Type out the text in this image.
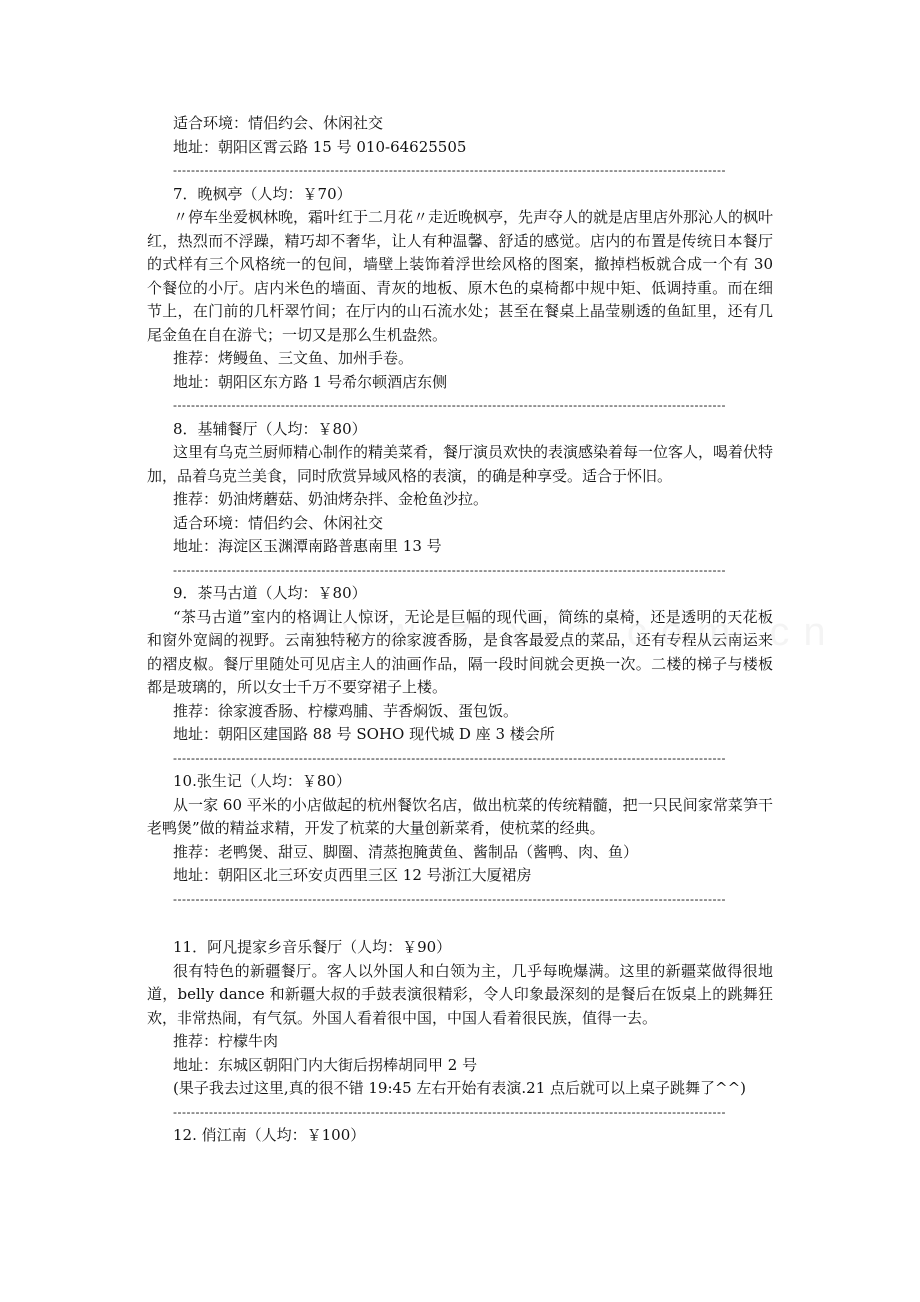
适合环境：情侣约会、休闲社交
地址：朝阳区霄云路 15 号 010-64625505
---------------------------------------------------------------------------------------------------------------------------
7．晚枫亭（人均：￥70）

〃停车坐爱枫林晚，霜叶红于二月花〃走近晚枫亭，先声夺人的就是店里店外那沁人的枫叶红，热烈而不浮躁，精巧却不奢华，让人有种温馨、舒适的感觉。店内的布置是传统日本餐厅的式样有三个风格统一的包间，墙壁上装饰着浮世绘风格的图案，撤掉档板就合成一个有 30 个餐位的小厅。店内米色的墙面、青灰的地板、原木色的桌椅都中规中矩、低调持重。而在细节上，在门前的几杆翠竹间；在厅内的山石流水处；甚至在餐桌上晶莹剔透的鱼缸里，还有几尾金鱼在自在游弋；一切又是那么生机盎然。

推荐：烤鳗鱼、三文鱼、加州手卷。
地址：朝阳区东方路 1 号希尔顿酒店东侧
---------------------------------------------------------------------------------------------------------------------------
8．基辅餐厅（人均：￥80）

这里有乌克兰厨师精心制作的精美菜肴，餐厅演员欢快的表演感染着每一位客人，喝着伏特加，品着乌克兰美食，同时欣赏异域风格的表演，的确是种享受。适合于怀旧。

推荐：奶油烤蘑菇、奶油烤杂拌、金枪鱼沙拉。
适合环境：情侣约会、休闲社交
地址：海淀区玉渊潭南路普惠南里 13 号
---------------------------------------------------------------------------------------------------------------------------
9．茶马古道（人均：￥80）

“茶马古道”室内的格调让人惊讶，无论是巨幅的现代画，简练的桌椅，还是透明的天花板和窗外宽阔的视野。云南独特秘方的徐家渡香肠，是食客最爱点的菜品，还有专程从云南运来的褶皮椒。餐厅里随处可见店主人的油画作品，隔一段时间就会更换一次。二楼的梯子与楼板都是玻璃的，所以女士千万不要穿裙子上楼。

推荐：徐家渡香肠、柠檬鸡脯、芋香焖饭、蛋包饭。
地址：朝阳区建国路 88 号 SOHO 现代城 D 座 3 楼会所
---------------------------------------------------------------------------------------------------------------------------
10.张生记（人均：￥80）

从一家 60 平米的小店做起的杭州餐饮名店，做出杭菜的传统精髓，把一只民间家常菜笋干老鸭煲”做的精益求精，开发了杭菜的大量创新菜肴，使杭菜的经典。

推荐：老鸭煲、甜豆、脚圈、清蒸抱腌黄鱼、酱制品（酱鸭、肉、鱼）
地址：朝阳区北三环安贞西里三区 12 号浙江大厦裙房
---------------------------------------------------------------------------------------------------------------------------
11．阿凡提家乡音乐餐厅（人均：￥90）

很有特色的新疆餐厅。客人以外国人和白领为主，几乎每晚爆满。这里的新疆菜做得很地道，belly dance 和新疆大叔的手鼓表演很精彩，令人印象最深刻的是餐后在饭桌上的跳舞狂欢，非常热闹，有气氛。外国人看着很中国，中国人看着很民族，值得一去。

推荐：柠檬牛肉
地址：东城区朝阳门内大街后拐棒胡同甲 2 号
(果子我去过这里,真的很不错 19:45 左右开始有表演.21 点后就可以上桌子跳舞了^^)
---------------------------------------------------------------------------------------------------------------------------
12. 俏江南（人均：￥100）
